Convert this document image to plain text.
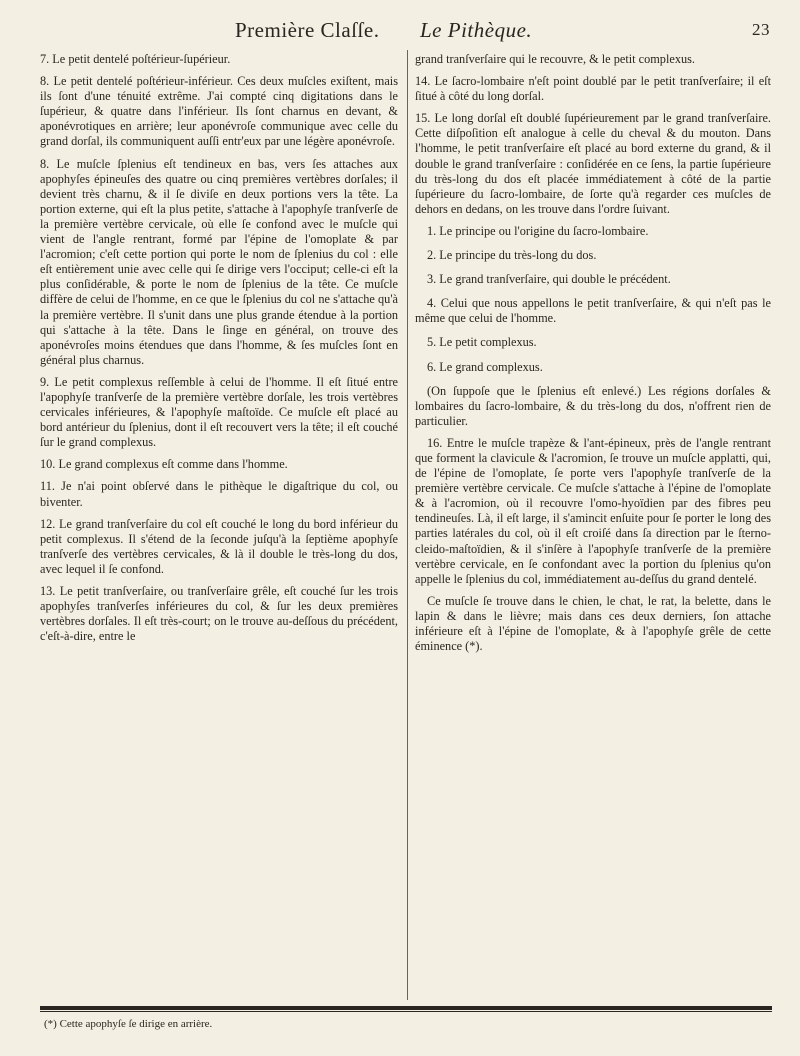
Première Claſſe. Le Pithèque.	23

7. Le petit dentelé poſtérieur-ſupérieur.

8. Le petit dentelé poſtérieur-inférieur. Ces deux muſcles exiſtent, mais ils ſont d'une ténuité extrême. J'ai compté cinq digitations dans le ſupérieur, & quatre dans l'inférieur. Ils ſont charnus en devant, & aponévrotiques en arrière; leur aponévroſe communique avec celle du grand dorſal, ils communiquent auſſi entr'eux par une légère aponévroſe.

8. Le muſcle ſplenius eſt tendineux en bas, vers ſes attaches aux apophyſes épineuſes des quatre ou cinq premières vertèbres dorſales; il devient très charnu, & il ſe diviſe en deux portions vers la tête. La portion externe, qui eſt la plus petite, s'attache à l'apophyſe tranſverſe de la première vertèbre cervicale, où elle ſe confond avec le muſcle qui vient de l'angle rentrant, formé par l'épine de l'omoplate & par l'acromion; c'eſt cette portion qui porte le nom de ſplenius du col : elle eſt entièrement unie avec celle qui ſe dirige vers l'occiput; celle-ci eſt la plus conſidérable, & porte le nom de ſplenius de la tête. Ce muſcle diffère de celui de l'homme, en ce que le ſplenius du col ne s'attache qu'à la première vertèbre. Il s'unit dans une plus grande étendue à la portion qui s'attache à la tête. Dans le ſinge en général, on trouve des aponévroſes moins étendues que dans l'homme, & ſes muſcles ſont en général plus charnus.

9. Le petit complexus reſſemble à celui de l'homme. Il eſt ſitué entre l'apophyſe tranſverſe de la première vertèbre dorſale, les trois vertèbres cervicales inférieures, & l'apophyſe maſtoïde. Ce muſcle eſt placé au bord antérieur du ſplenius, dont il eſt recouvert vers la tête; il eſt couché ſur le grand complexus.

10. Le grand complexus eſt comme dans l'homme.

11. Je n'ai point obſervé dans le pithèque le digaſtrique du col, ou biventer.

12. Le grand tranſverſaire du col eſt couché le long du bord inférieur du petit complexus. Il s'étend de la ſeconde juſqu'à la ſeptième apophyſe tranſverſe des vertèbres cervicales, & là il double le très-long du dos, avec lequel il ſe confond.

13. Le petit tranſverſaire, ou tranſverſaire grêle, eſt couché ſur les trois apophyſes tranſverſes inférieures du col, & ſur les deux premières vertèbres dorſales. Il eſt très-court; on le trouve au-deſſous du précédent, c'eſt-à-dire, entre le

grand tranſverſaire qui le recouvre, & le petit complexus.

14. Le ſacro-lombaire n'eſt point doublé par le petit tranſverſaire; il eſt ſitué à côté du long dorſal.

15. Le long dorſal eſt doublé ſupérieurement par le grand tranſverſaire. Cette diſpoſition eſt analogue à celle du cheval & du mouton. Dans l'homme, le petit tranſverſaire eſt placé au bord externe du grand, & il double le grand tranſverſaire : conſidérée en ce ſens, la partie ſupérieure du très-long du dos eſt placée immédiatement à côté de la partie ſupérieure du ſacro-lombaire, de ſorte qu'à regarder ces muſcles de dehors en dedans, on les trouve dans l'ordre ſuivant.

1. Le principe ou l'origine du ſacro-lombaire.

2. Le principe du très-long du dos.

3. Le grand tranſverſaire, qui double le précédent.

4. Celui que nous appellons le petit tranſverſaire, & qui n'eſt pas le même que celui de l'homme.

5. Le petit complexus.

6. Le grand complexus.

(On ſuppoſe que le ſplenius eſt enlevé.) Les régions dorſales & lombaires du ſacro-lombaire, & du très-long du dos, n'offrent rien de particulier.

16. Entre le muſcle trapèze & l'ant-épineux, près de l'angle rentrant que forment la clavicule & l'acromion, ſe trouve un muſcle applatti, qui, de l'épine de l'omoplate, ſe porte vers l'apophyſe tranſverſe de la première vertèbre cervicale. Ce muſcle s'attache à l'épine de l'omoplate & à l'acromion, où il recouvre l'omo-hyoïdien par des fibres peu tendineuſes. Là, il eſt large, il s'amincit enſuite pour ſe porter le long des parties latérales du col, où il eſt croiſé dans ſa direction par le ſterno-cleido-maſtoïdien, & il s'inſère à l'apophyſe tranſverſe de la première vertèbre cervicale, en ſe confondant avec la portion du ſplenius qu'on appelle le ſplenius du col, immédiatement au-deſſus du grand dentelé.

Ce muſcle ſe trouve dans le chien, le chat, le rat, la belette, dans le lapin & dans le lièvre; mais dans ces deux derniers, ſon attache inférieure eſt à l'épine de l'omoplate, & à l'apophyſe grêle de cette éminence (*).

(*) Cette apophyſe ſe dirige en arrière.
